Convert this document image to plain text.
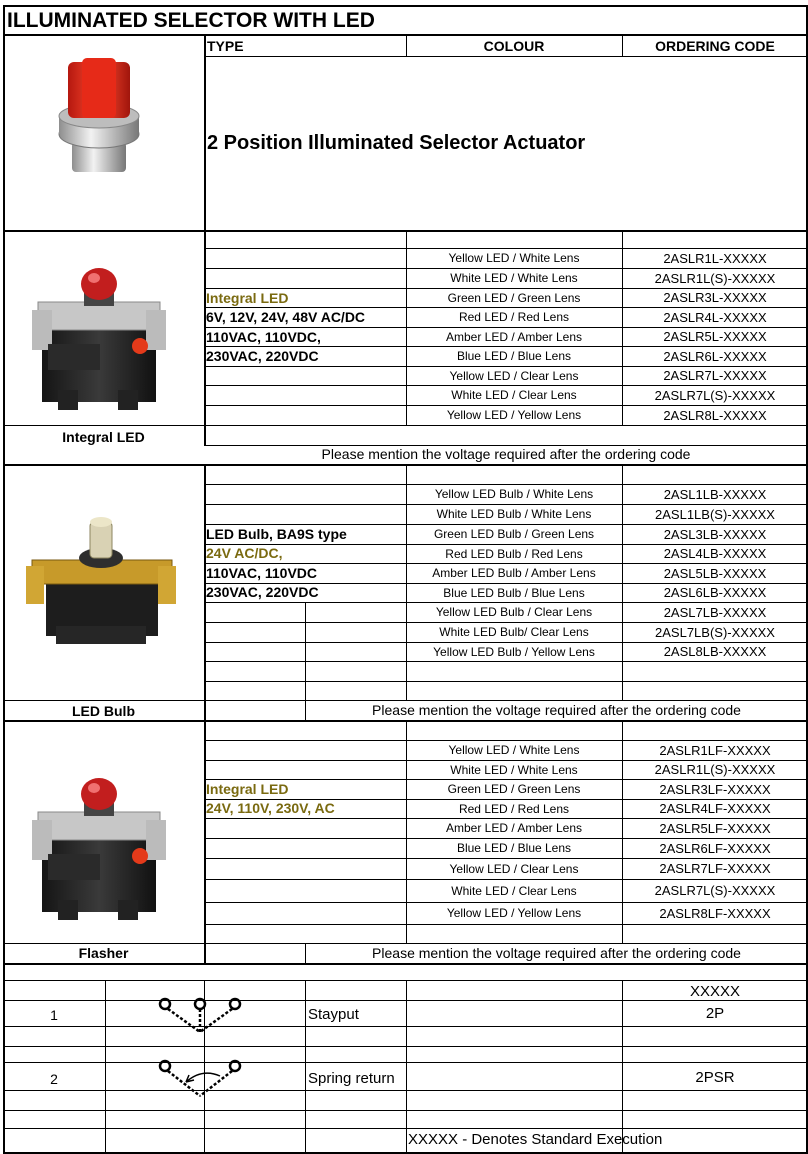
ILLUMINATED SELECTOR WITH LED
TYPE	COLOUR	ORDERING CODE
2 Position Illuminated Selector Actuator
Integral LED
LED Bulb
Flasher
Integral LED
6V, 12V, 24V, 48V AC/DC
110VAC, 110VDC,
230VAC, 220VDC
LED Bulb, BA9S type
24V AC/DC,
110VAC, 110VDC
230VAC, 220VDC
Integral LED
24V, 110V, 230V, AC
Please mention the voltage required after the ordering code
Please mention the voltage required after the ordering code
Please mention the voltage required after the ordering code
Yellow LED / White Lens	2ASLR1L-XXXXX
White LED / White Lens	2ASLR1L(S)-XXXXX
Green LED / Green Lens	2ASLR3L-XXXXX
Red LED / Red Lens	2ASLR4L-XXXXX
Amber LED / Amber Lens	2ASLR5L-XXXXX
Blue LED / Blue Lens	2ASLR6L-XXXXX
Yellow LED / Clear Lens	2ASLR7L-XXXXX
White LED / Clear Lens	2ASLR7L(S)-XXXXX
Yellow LED / Yellow Lens	2ASLR8L-XXXXX
Yellow LED Bulb / White Lens	2ASL1LB-XXXXX
White LED Bulb / White Lens	2ASL1LB(S)-XXXXX
Green LED Bulb / Green Lens	2ASL3LB-XXXXX
Red LED Bulb / Red Lens	2ASL4LB-XXXXX
Amber LED Bulb / Amber Lens	2ASL5LB-XXXXX
Blue LED Bulb / Blue Lens	2ASL6LB-XXXXX
Yellow LED Bulb / Clear Lens	2ASL7LB-XXXXX
White LED Bulb/ Clear Lens	2ASL7LB(S)-XXXXX
Yellow LED Bulb / Yellow Lens	2ASL8LB-XXXXX
Yellow LED / White Lens	2ASLR1LF-XXXXX
White LED / White Lens	2ASLR1L(S)-XXXXX
Green LED / Green Lens	2ASLR3LF-XXXXX
Red LED / Red Lens	2ASLR4LF-XXXXX
Amber LED / Amber Lens	2ASLR5LF-XXXXX
Blue LED / Blue Lens	2ASLR6LF-XXXXX
Yellow LED / Clear Lens	2ASLR7LF-XXXXX
White LED / Clear Lens	2ASLR7L(S)-XXXXX
Yellow LED / Yellow Lens	2ASLR8LF-XXXXX
XXXXX
1	Stayput	2P
2	Spring return	2PSR
XXXXX - Denotes Standard Execution
